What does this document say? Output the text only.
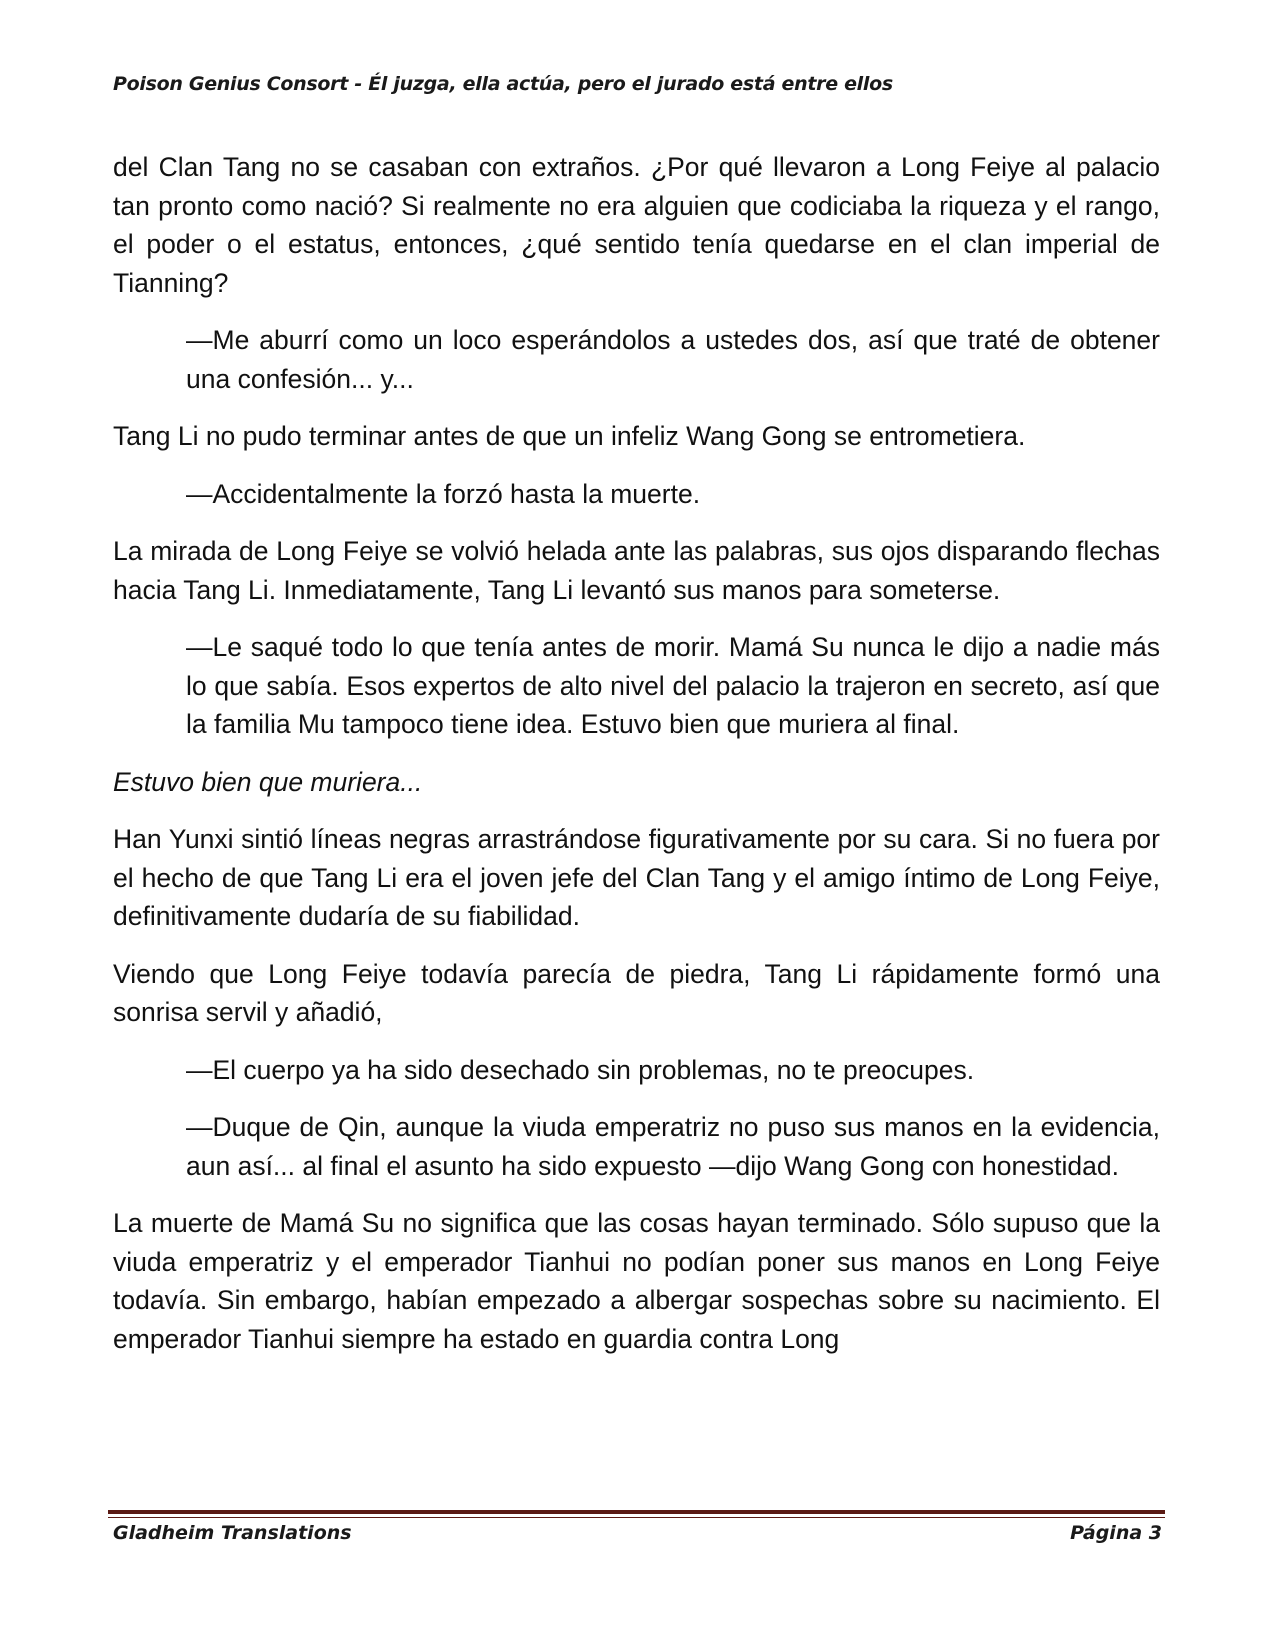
Poison Genius Consort - Él juzga, ella actúa, pero el jurado está entre ellos

del Clan Tang no se casaban con extraños. ¿Por qué llevaron a Long Feiye al palacio tan pronto como nació? Si realmente no era alguien que codiciaba la riqueza y el rango, el poder o el estatus, entonces, ¿qué sentido tenía quedarse en el clan imperial de Tianning?

—Me aburrí como un loco esperándolos a ustedes dos, así que traté de obtener una confesión... y...

Tang Li no pudo terminar antes de que un infeliz Wang Gong se entrometiera.

—Accidentalmente la forzó hasta la muerte.

La mirada de Long Feiye se volvió helada ante las palabras, sus ojos disparando flechas hacia Tang Li. Inmediatamente, Tang Li levantó sus manos para someterse.

—Le saqué todo lo que tenía antes de morir. Mamá Su nunca le dijo a nadie más lo que sabía. Esos expertos de alto nivel del palacio la trajeron en secreto, así que la familia Mu tampoco tiene idea. Estuvo bien que muriera al final.

Estuvo bien que muriera...

Han Yunxi sintió líneas negras arrastrándose figurativamente por su cara. Si no fuera por el hecho de que Tang Li era el joven jefe del Clan Tang y el amigo íntimo de Long Feiye, definitivamente dudaría de su fiabilidad.

Viendo que Long Feiye todavía parecía de piedra, Tang Li rápidamente formó una sonrisa servil y añadió,

—El cuerpo ya ha sido desechado sin problemas, no te preocupes.

—Duque de Qin, aunque la viuda emperatriz no puso sus manos en la evidencia, aun así... al final el asunto ha sido expuesto —dijo Wang Gong con honestidad.

La muerte de Mamá Su no significa que las cosas hayan terminado. Sólo supuso que la viuda emperatriz y el emperador Tianhui no podían poner sus manos en Long Feiye todavía. Sin embargo, habían empezado a albergar sospechas sobre su nacimiento. El emperador Tianhui siempre ha estado en guardia contra Long

Gladheim Translations	Página 3
